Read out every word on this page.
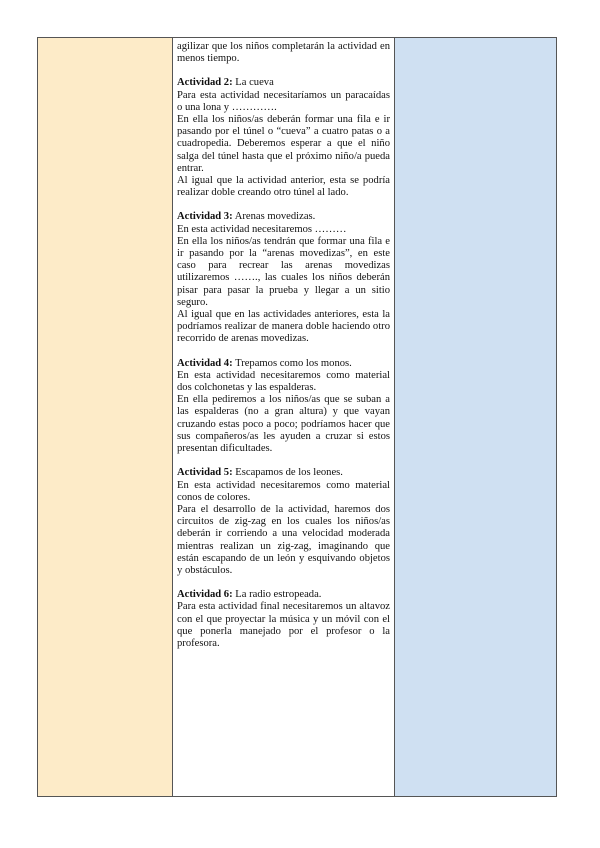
agilizar que los niños completarán la actividad en menos tiempo.

Actividad 2: La cueva

Para esta actividad necesitaríamos un paracaídas o una lona y ………….

En ella los niños/as deberán formar una fila e ir pasando por el túnel o “cueva” a cuatro patas o a cuadropedia. Deberemos esperar a que el niño salga del túnel hasta que el próximo niño/a pueda entrar.

Al igual que la actividad anterior, esta se podría realizar doble creando otro túnel al lado.

Actividad 3: Arenas movedizas.

En esta actividad necesitaremos ………

En ella los niños/as tendrán que formar una fila e ir pasando por la “arenas movedizas”, en este caso para recrear las arenas movedizas utilizaremos ……., las cuales los niños deberán pisar para pasar la prueba y llegar a un sitio seguro.

Al igual que en las actividades anteriores, esta la podríamos realizar de manera doble haciendo otro recorrido de arenas movedizas.

Actividad 4: Trepamos como los monos.

En esta actividad necesitaremos como material dos colchonetas y las espalderas.

En ella pediremos a los niños/as que se suban a las espalderas (no a gran altura) y que vayan cruzando estas poco a poco; podríamos hacer que sus compañeros/as les ayuden a cruzar si estos presentan dificultades.

Actividad 5: Escapamos de los leones.

En esta actividad necesitaremos como material conos de colores.

Para el desarrollo de la actividad, haremos dos circuitos de zig-zag en los cuales los niños/as deberán ir corriendo a una velocidad moderada mientras realizan un zig-zag, imaginando que están escapando de un león y esquivando objetos y obstáculos.

Actividad 6: La radio estropeada.

Para esta actividad final necesitaremos un altavoz con el que proyectar la música y un móvil con el que ponerla manejado por el profesor o la profesora.
